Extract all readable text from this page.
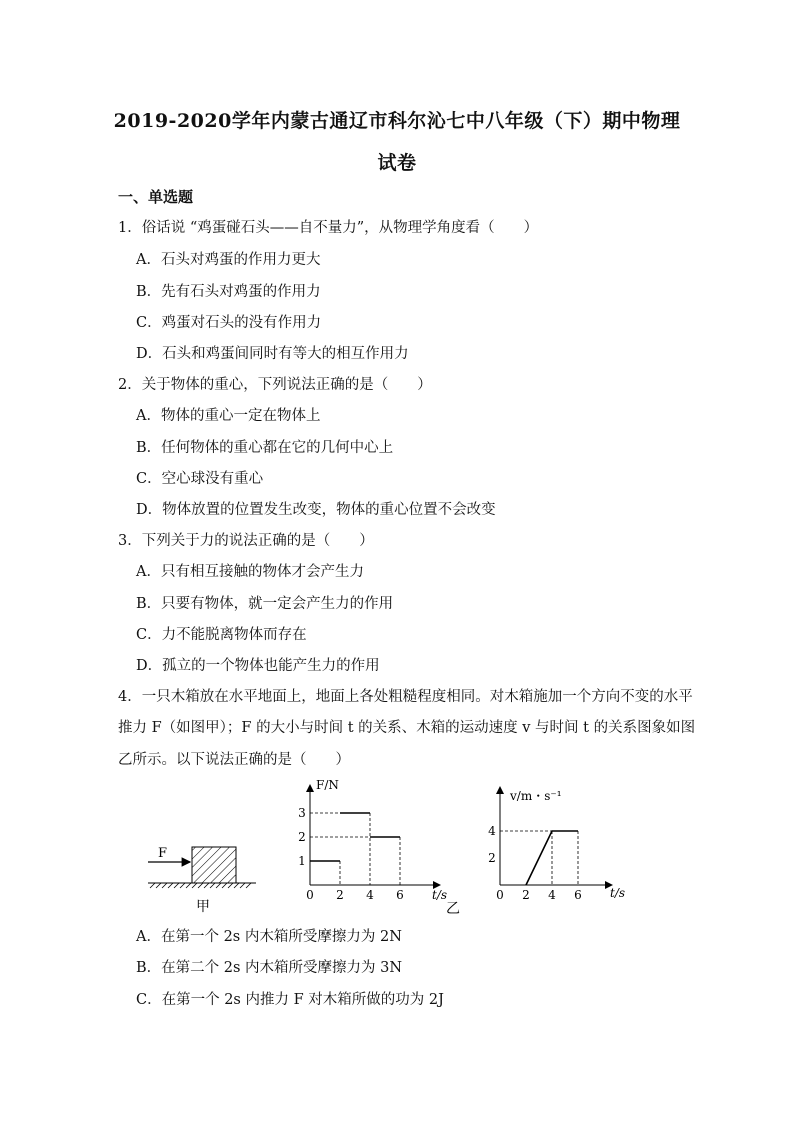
2019-2020学年内蒙古通辽市科尔沁七中八年级（下）期中物理
试卷
一、单选题
1．俗话说 “鸡蛋碰石头——自不量力”，从物理学角度看（　　）
A．石头对鸡蛋的作用力更大
B．先有石头对鸡蛋的作用力
C．鸡蛋对石头的没有作用力
D．石头和鸡蛋间同时有等大的相互作用力
2．关于物体的重心，下列说法正确的是（　　）
A．物体的重心一定在物体上
B．任何物体的重心都在它的几何中心上
C．空心球没有重心
D．物体放置的位置发生改变，物体的重心位置不会改变
3．下列关于力的说法正确的是（　　）
A．只有相互接触的物体才会产生力
B．只要有物体，就一定会产生力的作用
C．力不能脱离物体而存在
D．孤立的一个物体也能产生力的作用
4．一只木箱放在水平地面上，地面上各处粗糙程度相同。对木箱施加一个方向不变的水平
推力 F（如图甲）；F 的大小与时间 t 的关系、木箱的运动速度 v 与时间 t 的关系图象如图
乙所示。以下说法正确的是（　　）
F
甲
F/N
t/s
乙
0 2 4 6
1
2
3
v/m・s⁻¹
t/s
0 2 4 6
2
4
A．在第一个 2s 内木箱所受摩擦力为 2N
B．在第二个 2s 内木箱所受摩擦力为 3N
C．在第一个 2s 内推力 F 对木箱所做的功为 2J
